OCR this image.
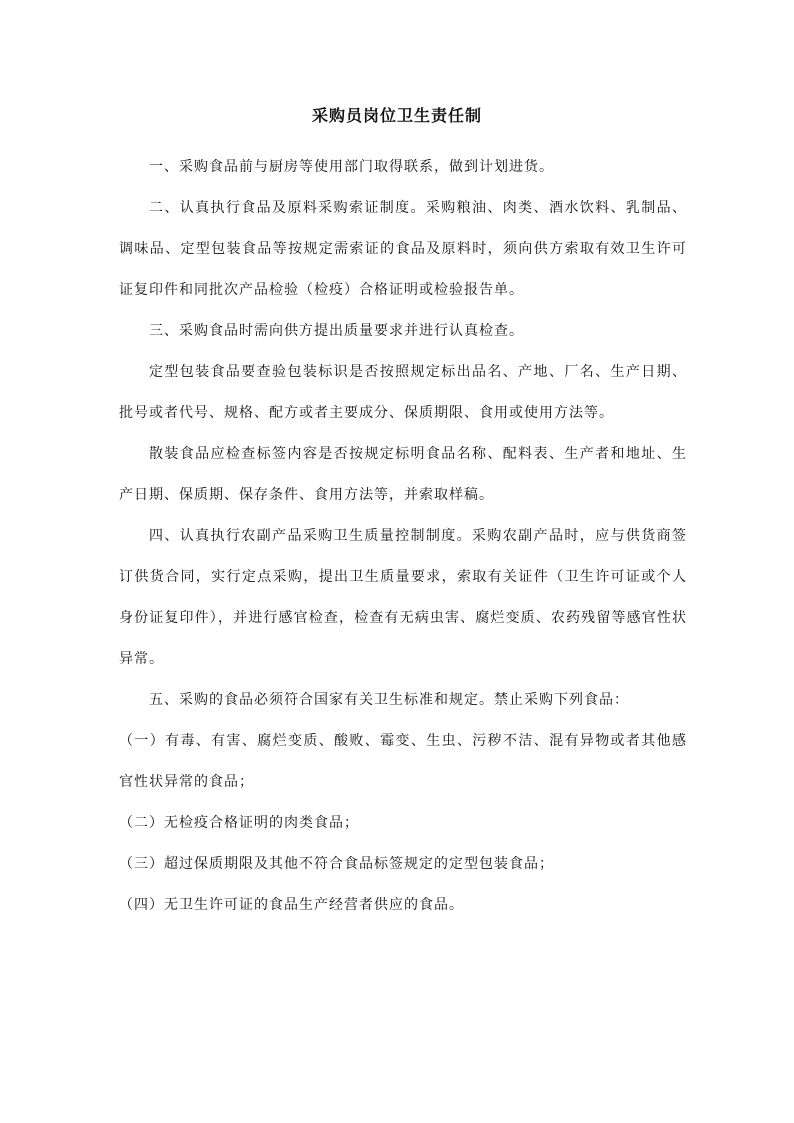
采购员岗位卫生责任制

一、采购食品前与厨房等使用部门取得联系，做到计划进货。

二、认真执行食品及原料采购索证制度。采购粮油、肉类、酒水饮料、乳制品、调味品、定型包装食品等按规定需索证的食品及原料时，须向供方索取有效卫生许可证复印件和同批次产品检验（检疫）合格证明或检验报告单。

三、采购食品时需向供方提出质量要求并进行认真检查。

定型包装食品要查验包装标识是否按照规定标出品名、产地、厂名、生产日期、批号或者代号、规格、配方或者主要成分、保质期限、食用或使用方法等。

散装食品应检查标签内容是否按规定标明食品名称、配料表、生产者和地址、生产日期、保质期、保存条件、食用方法等，并索取样稿。

四、认真执行农副产品采购卫生质量控制制度。采购农副产品时，应与供货商签订供货合同，实行定点采购，提出卫生质量要求，索取有关证件（卫生许可证或个人身份证复印件），并进行感官检查，检查有无病虫害、腐烂变质、农药残留等感官性状异常。

五、采购的食品必须符合国家有关卫生标准和规定。禁止采购下列食品：

（一）有毒、有害、腐烂变质、酸败、霉变、生虫、污秽不洁、混有异物或者其他感官性状异常的食品；

（二）无检疫合格证明的肉类食品；

（三）超过保质期限及其他不符合食品标签规定的定型包装食品；

（四）无卫生许可证的食品生产经营者供应的食品。
